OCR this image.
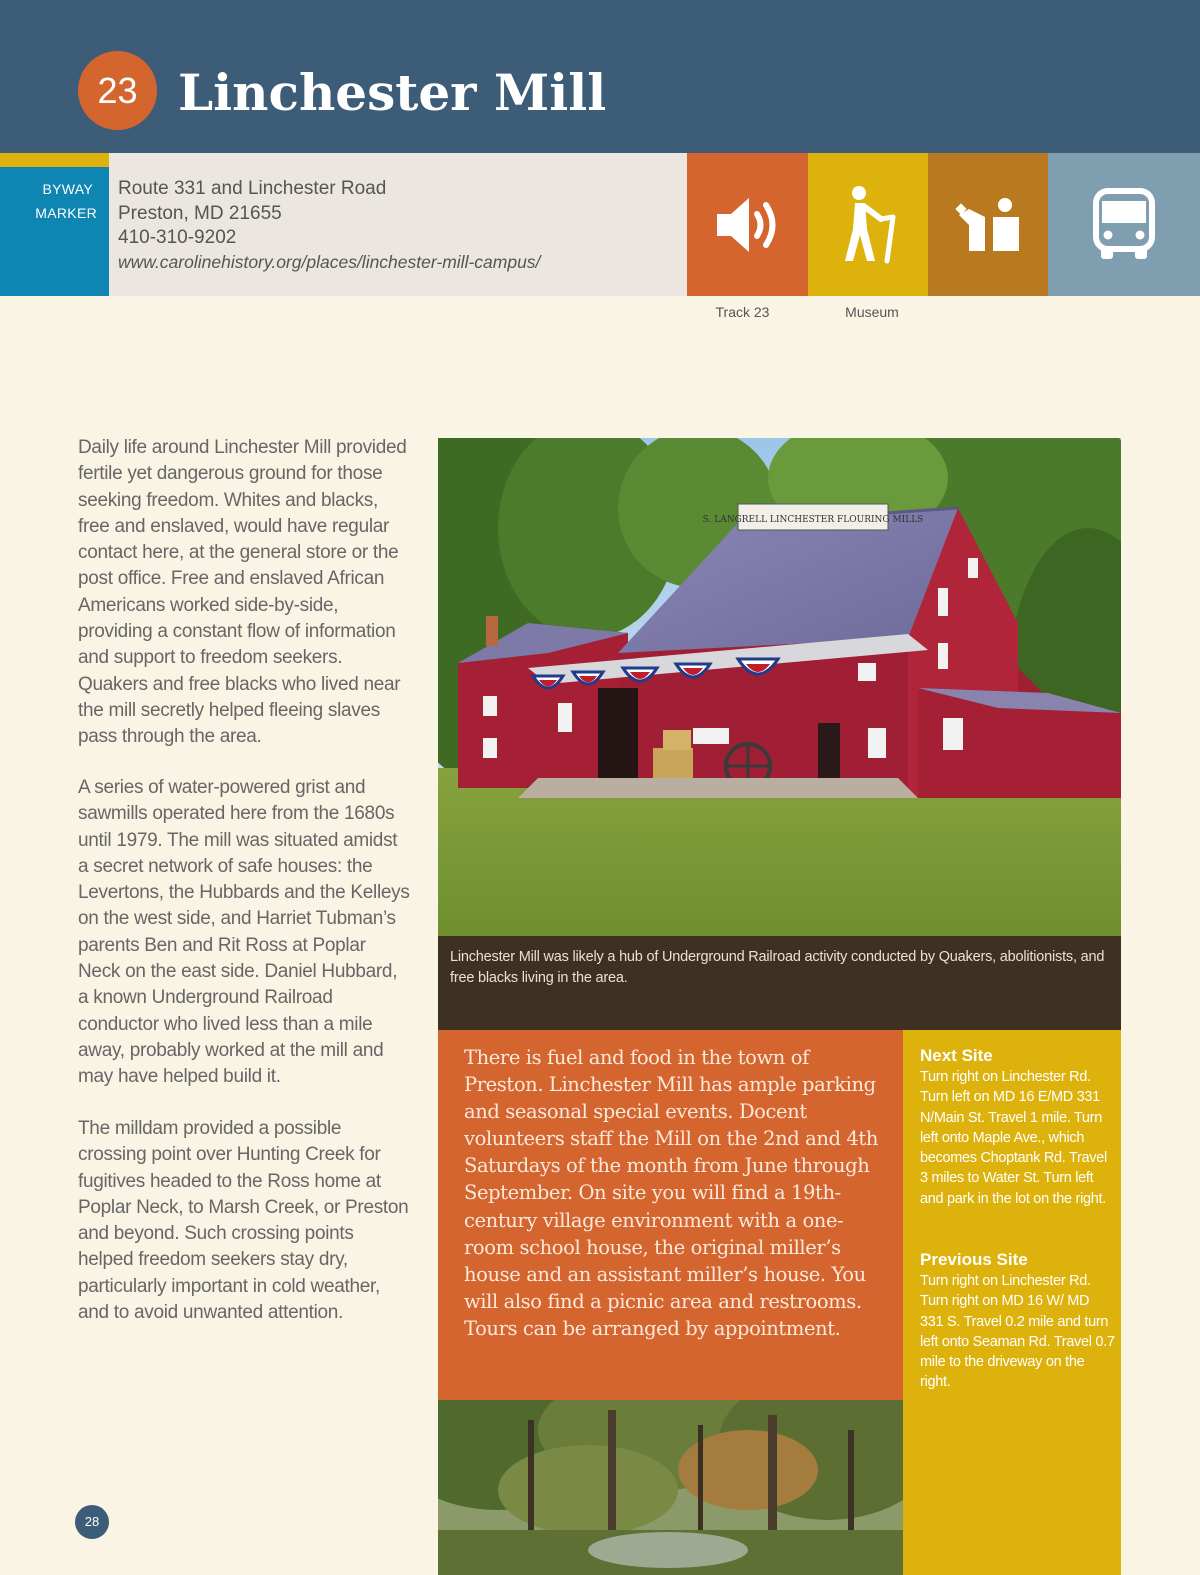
23 Linchester Mill
BYWAY
MARKER
Route 331 and Linchester Road
Preston, MD 21655
410-310-9202
www.carolinehistory.org/places/linchester-mill-campus/
Track 23	Museum

Daily life around Linchester Mill provided fertile yet dangerous ground for those seeking freedom. Whites and blacks, free and enslaved, would have regular contact here, at the general store or the post office. Free and enslaved African Americans worked side-by-side, providing a constant flow of information and support to freedom seekers. Quakers and free blacks who lived near the mill secretly helped fleeing slaves pass through the area.

A series of water-powered grist and sawmills operated here from the 1680s until 1979. The mill was situated amidst a secret network of safe houses: the Levertons, the Hubbards and the Kelleys on the west side, and Harriet Tubman’s parents Ben and Rit Ross at Poplar Neck on the east side. Daniel Hubbard, a known Underground Railroad conductor who lived less than a mile away, probably worked at the mill and may have helped build it.

The milldam provided a possible crossing point over Hunting Creek for fugitives headed to the Ross home at Poplar Neck, to Marsh Creek, or Preston and beyond. Such crossing points helped freedom seekers stay dry, particularly important in cold weather, and to avoid unwanted attention.

S. LANGRELL LINCHESTER FLOURING MILLS

Linchester Mill was likely a hub of Underground Railroad activity conducted by Quakers, abolitionists, and free blacks living in the area.

There is fuel and food in the town of Preston. Linchester Mill has ample parking and seasonal special events. Docent volunteers staff the Mill on the 2nd and 4th Saturdays of the month from June through September. On site you will find a 19th-century village environment with a one-room school house, the original miller’s house and an assistant miller’s house. You will also find a picnic area and restrooms. Tours can be arranged by appointment.

Next Site

Turn right on Linchester Rd. Turn left on MD 16 E/MD 331 N/Main St. Travel 1 mile. Turn left onto Maple Ave., which becomes Choptank Rd. Travel 3 miles to Water St. Turn left and park in the lot on the right.

Previous Site

Turn right on Linchester Rd. Turn right on MD 16 W/ MD 331 S. Travel 0.2 mile and turn left onto Seaman Rd. Travel 0.7 mile to the driveway on the right.

28
